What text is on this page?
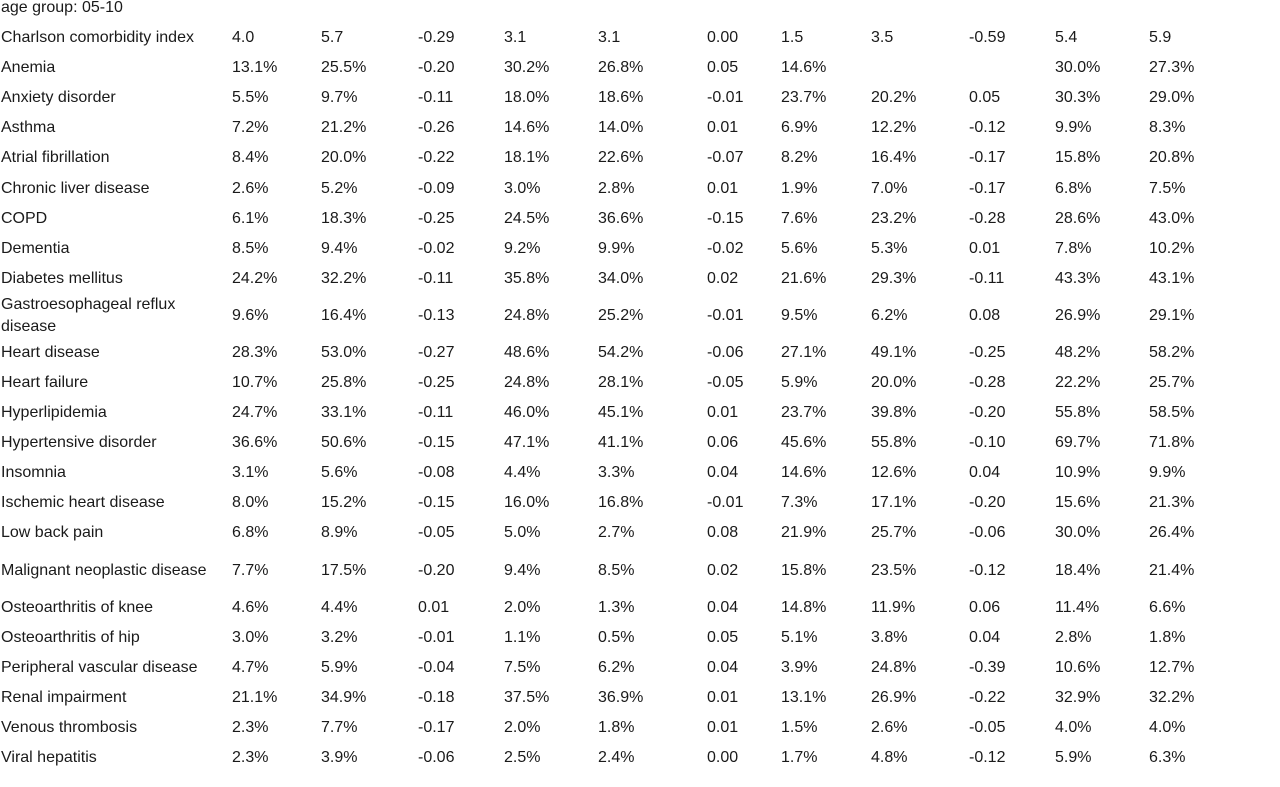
age group: 05-10
Charlson comorbidity index	4.0	5.7	-0.29	3.1	3.1	0.00	1.5	3.5	-0.59	5.4	5.9	
Anemia	13.1%	25.5%	-0.20	30.2%	26.8%	0.05	14.6%			30.0%	27.3%	
Anxiety disorder	5.5%	9.7%	-0.11	18.0%	18.6%	-0.01	23.7%	20.2%	0.05	30.3%	29.0%	
Asthma	7.2%	21.2%	-0.26	14.6%	14.0%	0.01	6.9%	12.2%	-0.12	9.9%	8.3%	
Atrial fibrillation	8.4%	20.0%	-0.22	18.1%	22.6%	-0.07	8.2%	16.4%	-0.17	15.8%	20.8%	
Chronic liver disease	2.6%	5.2%	-0.09	3.0%	2.8%	0.01	1.9%	7.0%	-0.17	6.8%	7.5%	
COPD	6.1%	18.3%	-0.25	24.5%	36.6%	-0.15	7.6%	23.2%	-0.28	28.6%	43.0%	
Dementia	8.5%	9.4%	-0.02	9.2%	9.9%	-0.02	5.6%	5.3%	0.01	7.8%	10.2%	
Diabetes mellitus	24.2%	32.2%	-0.11	35.8%	34.0%	0.02	21.6%	29.3%	-0.11	43.3%	43.1%	
Gastroesophageal reflux disease	9.6%	16.4%	-0.13	24.8%	25.2%	-0.01	9.5%	6.2%	0.08	26.9%	29.1%	
Heart disease	28.3%	53.0%	-0.27	48.6%	54.2%	-0.06	27.1%	49.1%	-0.25	48.2%	58.2%	
Heart failure	10.7%	25.8%	-0.25	24.8%	28.1%	-0.05	5.9%	20.0%	-0.28	22.2%	25.7%	
Hyperlipidemia	24.7%	33.1%	-0.11	46.0%	45.1%	0.01	23.7%	39.8%	-0.20	55.8%	58.5%	
Hypertensive disorder	36.6%	50.6%	-0.15	47.1%	41.1%	0.06	45.6%	55.8%	-0.10	69.7%	71.8%	
Insomnia	3.1%	5.6%	-0.08	4.4%	3.3%	0.04	14.6%	12.6%	0.04	10.9%	9.9%	
Ischemic heart disease	8.0%	15.2%	-0.15	16.0%	16.8%	-0.01	7.3%	17.1%	-0.20	15.6%	21.3%	
Low back pain	6.8%	8.9%	-0.05	5.0%	2.7%	0.08	21.9%	25.7%	-0.06	30.0%	26.4%	
Malignant neoplastic disease	7.7%	17.5%	-0.20	9.4%	8.5%	0.02	15.8%	23.5%	-0.12	18.4%	21.4%	
Osteoarthritis of knee	4.6%	4.4%	0.01	2.0%	1.3%	0.04	14.8%	11.9%	0.06	11.4%	6.6%	
Osteoarthritis of hip	3.0%	3.2%	-0.01	1.1%	0.5%	0.05	5.1%	3.8%	0.04	2.8%	1.8%	
Peripheral vascular disease	4.7%	5.9%	-0.04	7.5%	6.2%	0.04	3.9%	24.8%	-0.39	10.6%	12.7%	
Renal impairment	21.1%	34.9%	-0.18	37.5%	36.9%	0.01	13.1%	26.9%	-0.22	32.9%	32.2%	
Venous thrombosis	2.3%	7.7%	-0.17	2.0%	1.8%	0.01	1.5%	2.6%	-0.05	4.0%	4.0%	
Viral hepatitis	2.3%	3.9%	-0.06	2.5%	2.4%	0.00	1.7%	4.8%	-0.12	5.9%	6.3%	
